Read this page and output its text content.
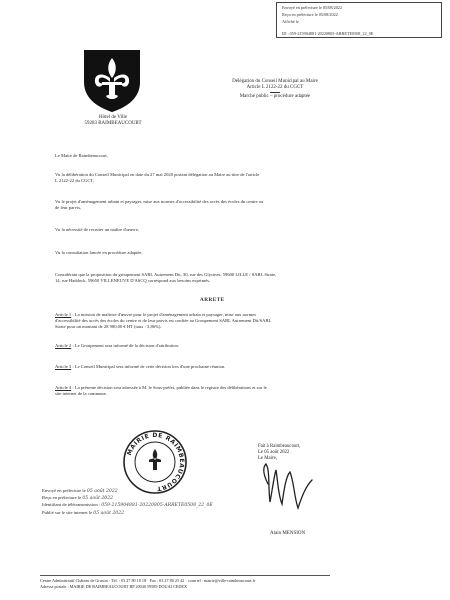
Envoyé en préfecture le 05/08/2022
Reçu en préfecture le 05/08/2022
Affiché le
ID : 059-215904881-20220805-ARRETE0508_22_0E
Hôtel de Ville
59283 RAIMBEAUCOURT
Délégation du Conseil Municipal au Maire
Article L 2122-22 du CGCT
Marché public – procédure adaptée
Le Maire de Raimbeaucourt,
Vu la délibération du Conseil Municipal en date du 27 mai 2020 portant délégation au Maire au titre de l'article
L 2122-22 du CGCT,
Vu le projet d'aménagement urbain et paysager, mise aux normes d'accessibilité des accès des écoles du centre ou
de leur parvis,
Vu la nécessité de recruter un maître d'œuvre,
Vu la consultation lancée en procédure adaptée,
Considérant que la proposition du groupement SARL Autrement Dit, 30, rue des Glycines, 59600 LILLE / SARL Strate,
14, rue Haddock, 59650 VILLENEUVE D'ASCQ correspond aux besoins exprimés,
ARRETE
Article 1 : La mission de maîtrise d'œuvre pour le projet d'aménagement urbain et paysager, mise aux normes
d'accessibilité des accès des écoles du centre et de leur parvis est confiée au Groupement SARL Autrement Dit/SARL
Strate pour un montant de 28 980,00 € HT (taux : 3,86%).
Article 2 : Le Groupement sera informé de la décision d'attribution.
Article 3 : Le Conseil Municipal sera informé de cette décision lors d'une prochaine réunion.
Article 4 : La présente décision sera adressée à M. le Sous-préfet, publiée dans le registre des délibérations et sur le
site internet de la commune.
MAIRIE DE RAIMBEAUCOURT
Fait à Raimbeaucourt,
Le 05 août 2022
Le Maire,
Alain MENSION
Envoyé en préfecture le 05 août 2022
Reçu en préfecture le 05 août 2022
Identifiant de télétransmission : 059-215904881-20220805-ARRETE0508_22_0E
Publié sur le site internet le 05 août 2022
Centre Administratif Château de Gruson · Tél. : 03 27 80 18 18 · Fax : 03 27 80 23 42 · courriel : mairie@ville-raimbeaucourt.fr
Adresse postale : MAIRIE DE RAIMBEAUCOURT BP 20040 59589 DOUAI CEDEX
